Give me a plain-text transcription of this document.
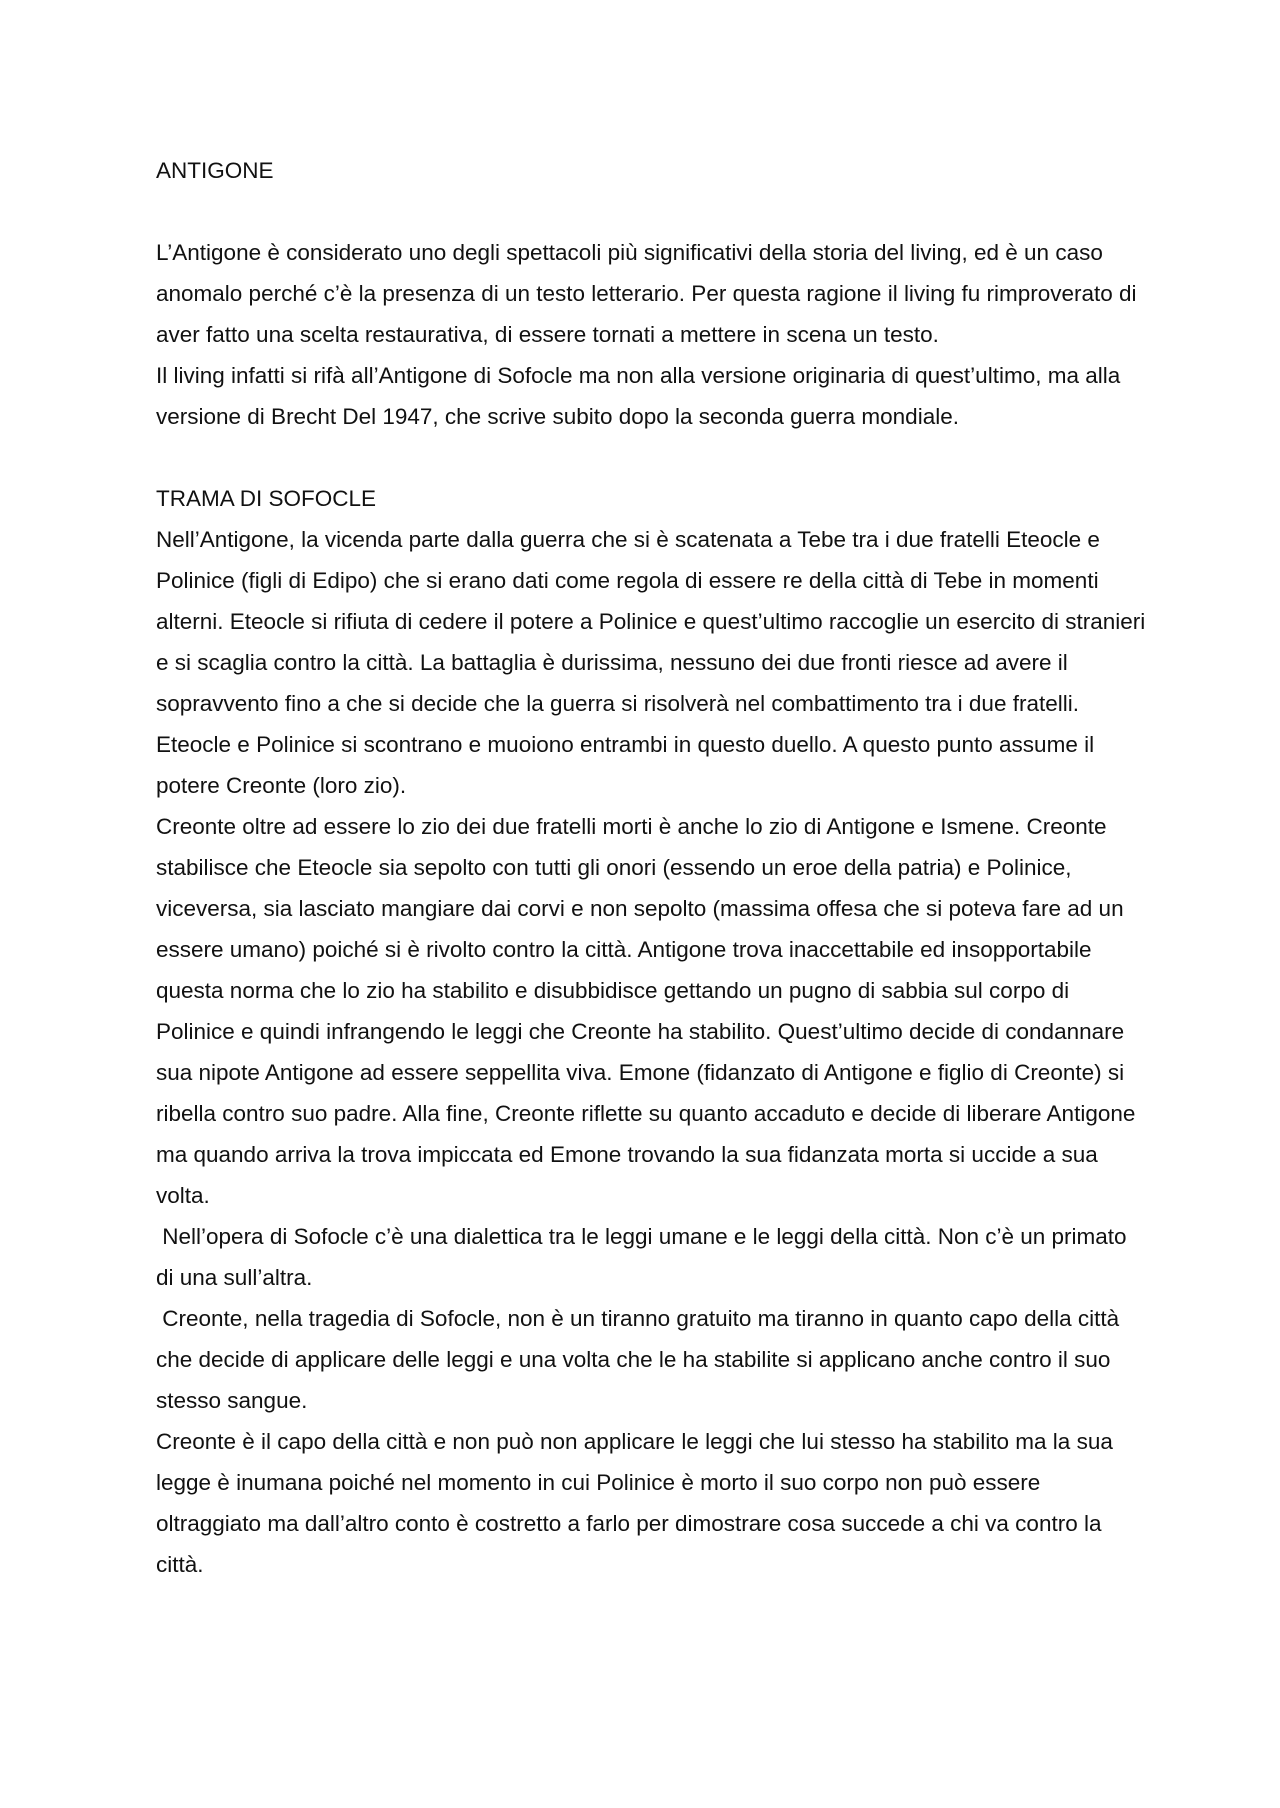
ANTIGONE

L’Antigone è considerato uno degli spettacoli più significativi della storia del living, ed è un caso anomalo perché c’è la presenza di un testo letterario. Per questa ragione il living fu rimproverato di aver fatto una scelta restaurativa, di essere tornati a mettere in scena un testo.

Il living infatti si rifà all’Antigone di Sofocle ma non alla versione originaria di quest’ultimo, ma alla versione di Brecht Del 1947, che scrive subito dopo la seconda guerra mondiale.

TRAMA DI SOFOCLE

Nell’Antigone, la vicenda parte dalla guerra che si è scatenata a Tebe tra i due fratelli Eteocle e Polinice (figli di Edipo) che si erano dati come regola di essere re della città di Tebe in momenti alterni. Eteocle si rifiuta di cedere il potere a Polinice e quest’ultimo raccoglie un esercito di stranieri e si scaglia contro la città. La battaglia è durissima, nessuno dei due fronti riesce ad avere il sopravvento fino a che si decide che la guerra si risolverà nel combattimento tra i due fratelli. Eteocle e Polinice si scontrano e muoiono entrambi in questo duello. A questo punto assume il potere Creonte (loro zio).

Creonte oltre ad essere lo zio dei due fratelli morti è anche lo zio di Antigone e Ismene. Creonte stabilisce che Eteocle sia sepolto con tutti gli onori (essendo un eroe della patria) e Polinice, viceversa, sia lasciato mangiare dai corvi e non sepolto (massima offesa che si poteva fare ad un essere umano) poiché si è rivolto contro la città. Antigone trova inaccettabile ed insopportabile questa norma che lo zio ha stabilito e disubbidisce gettando un pugno di sabbia sul corpo di Polinice e quindi infrangendo le leggi che Creonte ha stabilito. Quest’ultimo decide di condannare sua nipote Antigone ad essere seppellita viva. Emone (fidanzato di Antigone e figlio di Creonte) si ribella contro suo padre. Alla fine, Creonte riflette su quanto accaduto e decide di liberare Antigone ma quando arriva la trova impiccata ed Emone trovando la sua fidanzata morta si uccide a sua volta.

Nell’opera di Sofocle c’è una dialettica tra le leggi umane e le leggi della città. Non c’è un primato di una sull’altra.

Creonte, nella tragedia di Sofocle, non è un tiranno gratuito ma tiranno in quanto capo della città che decide di applicare delle leggi e una volta che le ha stabilite si applicano anche contro il suo stesso sangue.

Creonte è il capo della città e non può non applicare le leggi che lui stesso ha stabilito ma la sua legge è inumana poiché nel momento in cui Polinice è morto il suo corpo non può essere oltraggiato ma dall’altro conto è costretto a farlo per dimostrare cosa succede a chi va contro la città.
